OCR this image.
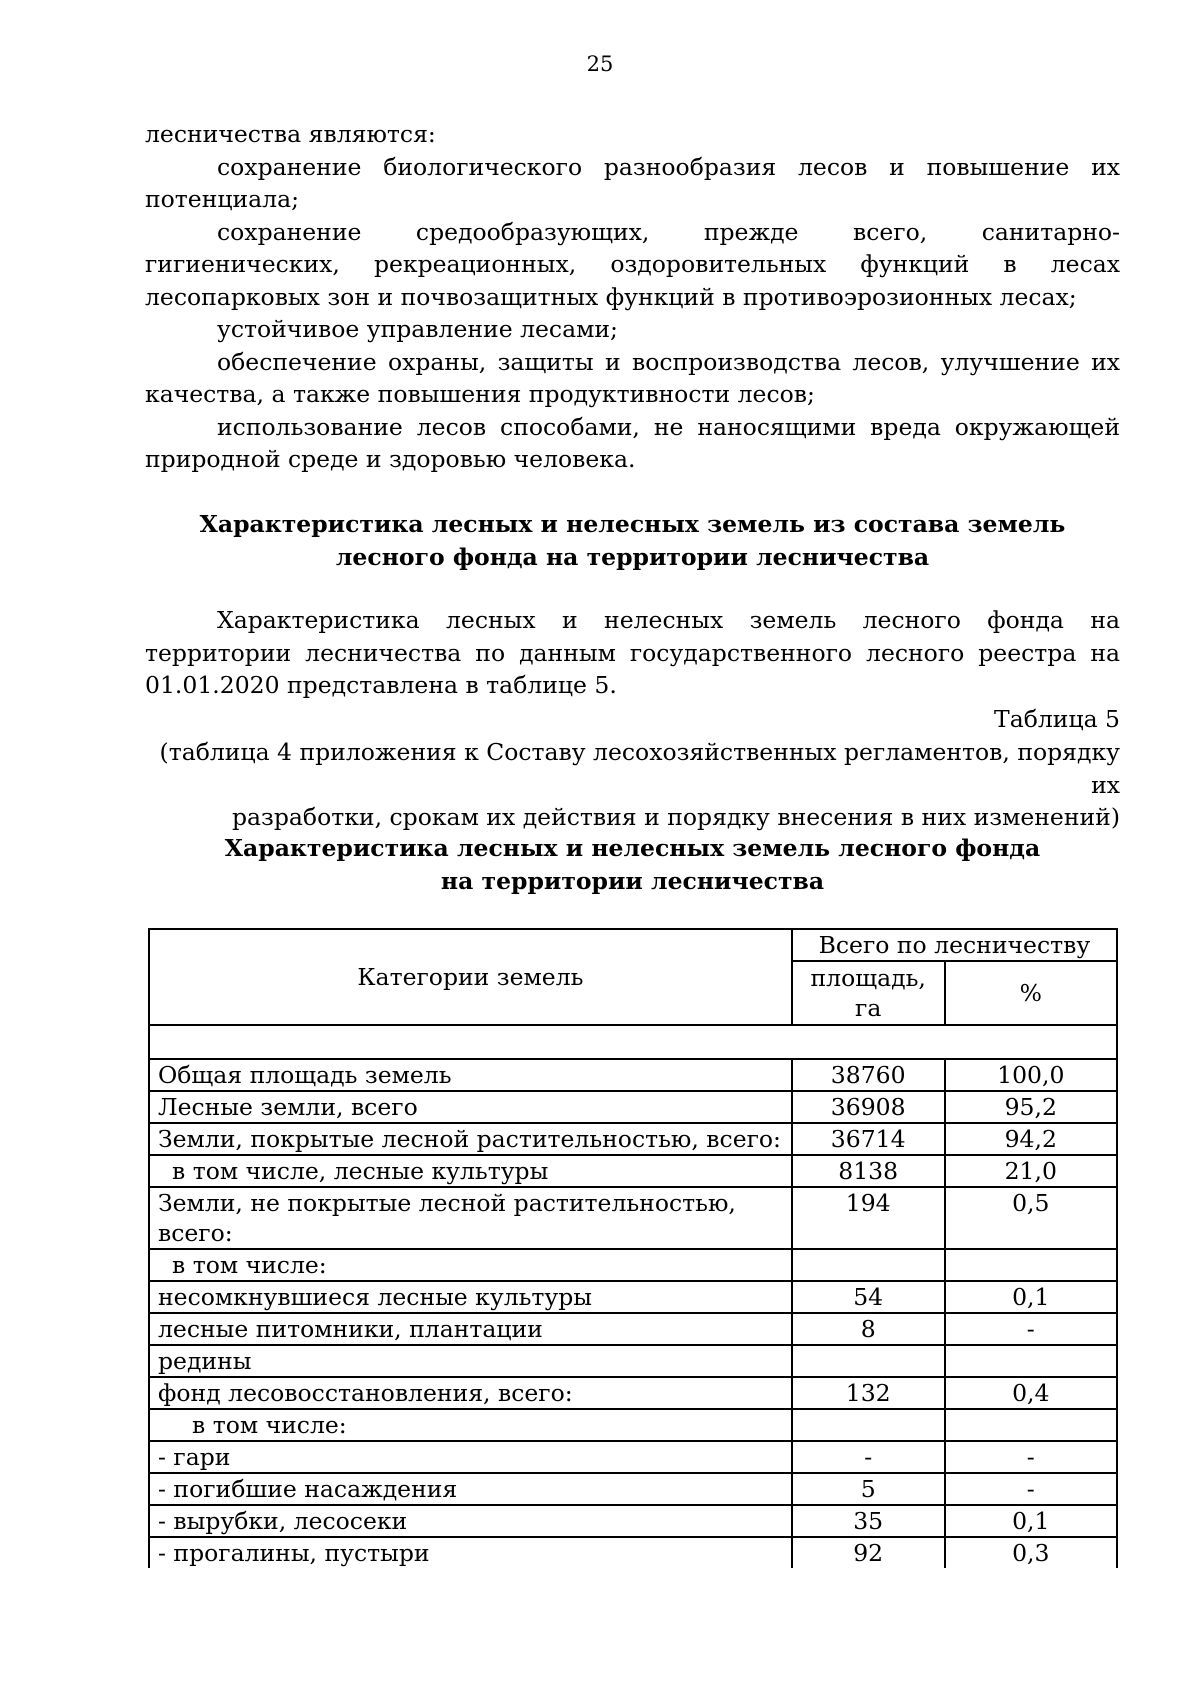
25

лесничества являются:

сохранение биологического разнообразия лесов и повышение их потенциала;

сохранение средообразующих, прежде всего, санитарно-гигиенических, рекреационных, оздоровительных функций в лесах лесопарковых зон и почвозащитных функций в противоэрозионных лесах;

устойчивое управление лесами;

обеспечение охраны, защиты и воспроизводства лесов, улучшение их качества, а также повышения продуктивности лесов;

использование лесов способами, не наносящими вреда окружающей природной среде и здоровью человека.

Характеристика лесных и нелесных земель из состава земель
лесного фонда на территории лесничества

Характеристика лесных и нелесных земель лесного фонда на территории лесничества по данным государственного лесного реестра на 01.01.2020 представлена в таблице 5.

Таблица 5
(таблица 4 приложения к Составу лесохозяйственных регламентов, порядку их
разработки, срокам их действия и порядку внесения в них изменений)
Характеристика лесных и нелесных земель лесного фонда
на территории лесничества
Категории земель	Всего по лесничеству	
	площадь, га	%

Общая площадь земель	38760	100,0
Лесные земли, всего	36908	95,2
Земли, покрытые лесной растительностью, всего:	36714	94,2
в том числе, лесные культуры	8138	21,0
Земли, не покрытые лесной растительностью, всего:	194	0,5
в том числе:		
несомкнувшиеся лесные культуры	54	0,1
лесные питомники, плантации	8	-
редины		
фонд лесовосстановления, всего:	132	0,4
в том числе:		
- гари	-	-
- погибшие насаждения	5	-
- вырубки, лесосеки	35	0,1
- прогалины, пустыри	92	0,3
